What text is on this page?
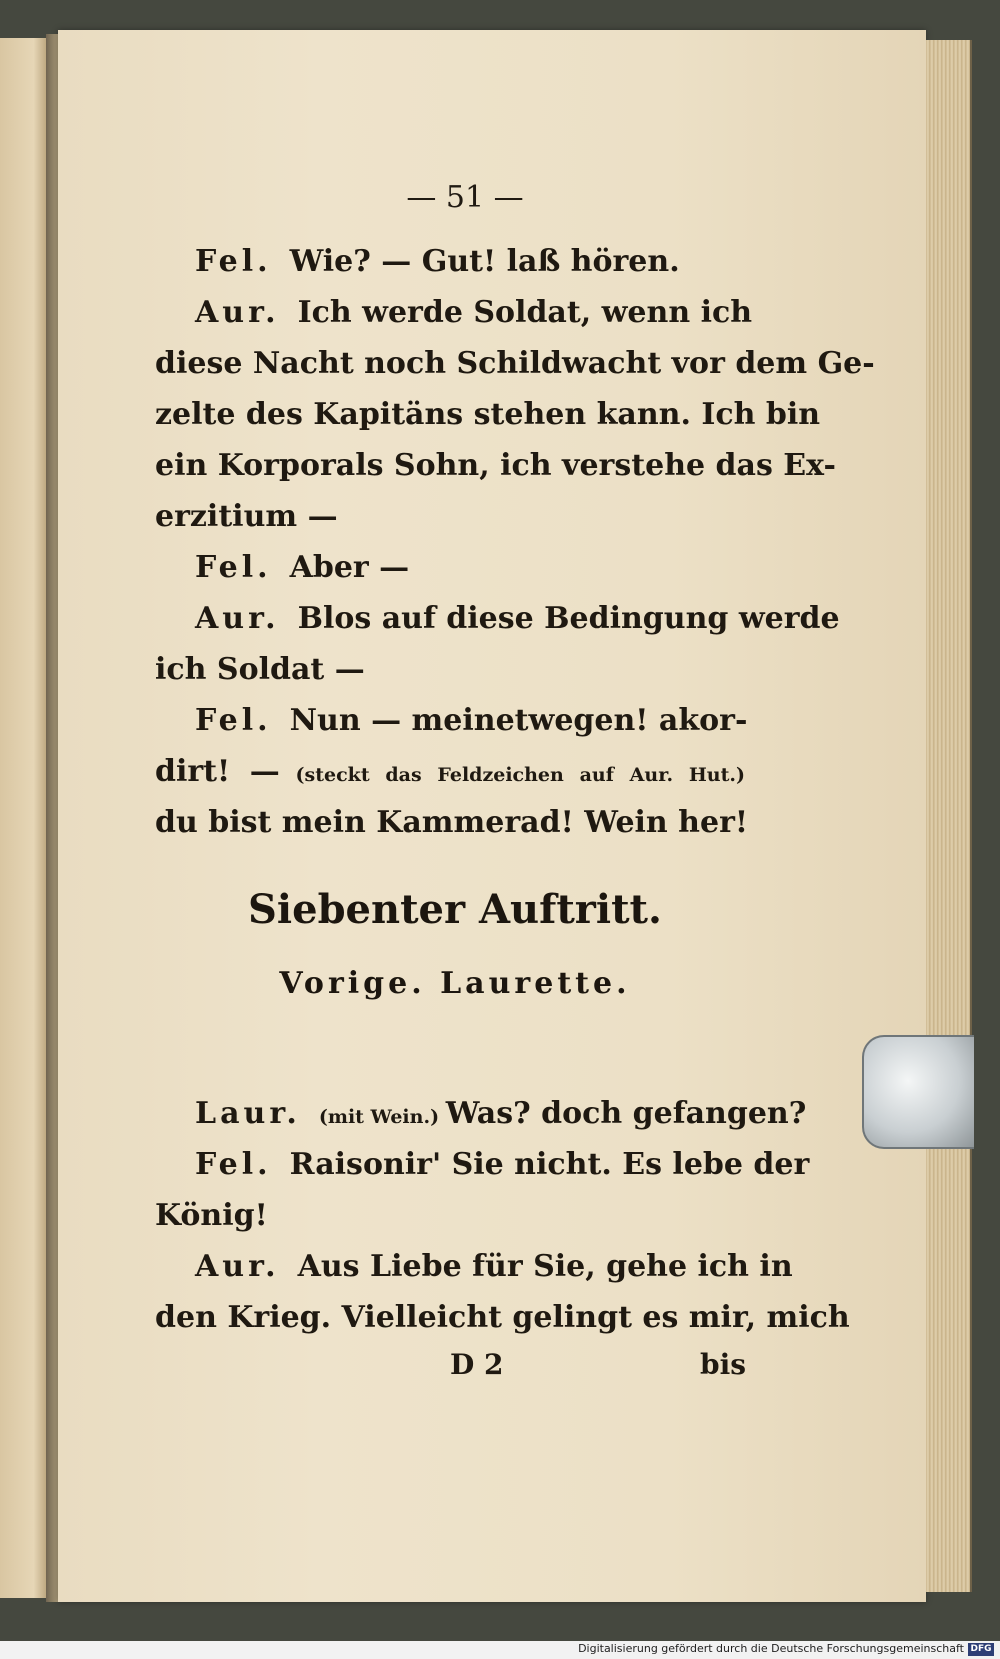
— 51 —
Fel. Wie? — Gut! laß hören.
Aur. Ich werde Soldat, wenn ich
diese Nacht noch Schildwacht vor dem Ge-
zelte des Kapitäns stehen kann. Ich bin
ein Korporals Sohn, ich verstehe das Ex-
erzitium —
Fel. Aber —
Aur. Blos auf diese Bedingung werde
ich Soldat —
Fel. Nun — meinetwegen! akor-
dirt! — (steckt das Feldzeichen auf Aur. Hut.)
du bist mein Kammerad! Wein her!
Siebenter Auftritt.
Vorige. Laurette.
Laur. (mit Wein.) Was? doch gefangen?
Fel. Raisonir' Sie nicht. Es lebe der
König!
Aur. Aus Liebe für Sie, gehe ich in
den Krieg. Vielleicht gelingt es mir, mich
D 2	bis
Digitalisierung gefördert durch die Deutsche Forschungsgemeinschaft DFG
